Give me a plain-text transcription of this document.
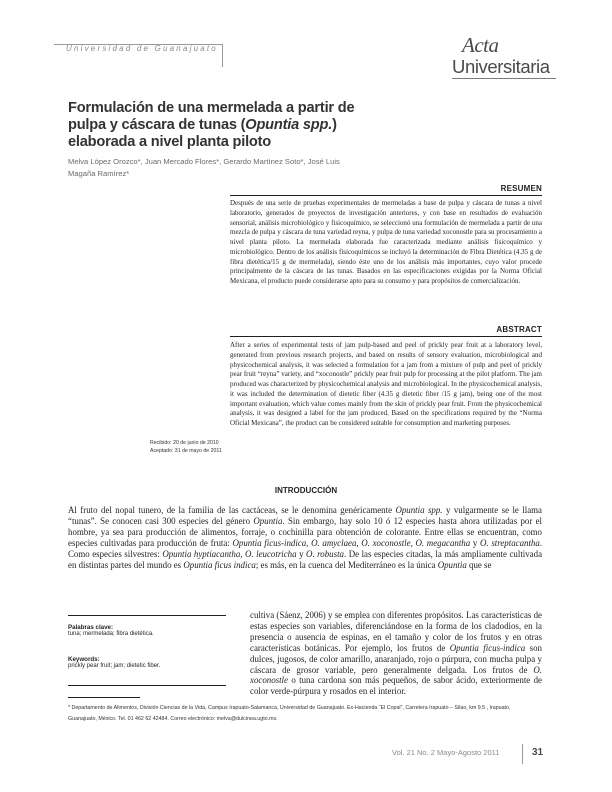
Universidad de Guanajuato	Acta
Universitaria
Formulación de una mermelada a partir de
pulpa y cáscara de tunas (Opuntia spp.)
elaborada a nivel planta piloto
Melva López Orozco*, Juan Mercado Flores*, Gerardo Martínez Soto*, José Luis
Magaña Ramírez*
RESUMEN
Después de una serie de pruebas experimentales de mermeladas a base de pulpa y cáscara de tunas a nivel laboratorio, generados de proyectos de investigación anteriores, y con base en resultados de evaluación sensorial, análisis microbiológico y fisicoquímico, se seleccionó una formulación de mermelada a partir de una mezcla de pulpa y cáscara de tuna variedad reyna, y pulpa de tuna variedad xoconostle para su procesamiento a nivel planta piloto. La mermelada elaborada fue caracterizada mediante análisis fisicoquímico y microbiológico. Dentro de los análisis fisicoquímicos se incluyó la determinación de Fibra Dietética (4.35 g de fibra dietética/15 g de mermelada), siendo éste uno de los análisis más importantes, cuyo valor procede principalmente de la cáscara de las tunas. Basados en las especificaciones exigidas por la Norma Oficial Mexicana, el producto puede considerarse apto para su consumo y para propósitos de comercialización.
ABSTRACT
After a series of experimental tests of jam pulp-based and peel of prickly pear fruit at a laboratory level, generated from previous research projects, and based on results of sensory evaluation, microbiological and physicochemical analysis, it was selected a formulation for a jam from a mixture of pulp and peel of prickly pear fruit “reyna” variety, and “xoconostle” prickly pear fruit pulp for processing at the pilot platform. The jam produced was characterized by physicochemical analysis and microbiological. In the physicochemical analysis, it was included the determination of dietetic fiber (4.35 g dietetic fiber /15 g jam), being one of the most important evaluation, which value comes mainly from the skin of prickly pear fruit. From the physicochemical analysis, it was designed a label for the jam produced. Based on the specifications required by the “Norma Oficial Mexicana”, the product can be considered suitable for consumption and marketing purposes.
Recibido: 20 de junio de 2010
Aceptado: 31 de mayo de 2011
INTRODUCCIÓN
Al fruto del nopal tunero, de la familia de las cactáceas, se le denomina genéricamente Opuntia spp. y vulgarmente se le llama “tunas”. Se conocen casi 300 especies del género Opuntia. Sin embargo, hay solo 10 ó 12 especies hasta ahora utilizadas por el hombre, ya sea para producción de alimentos, forraje, o cochinilla para obtención de colorante. Entre ellas se encuentran, como especies cultivadas para producción de fruta: Opuntia ficus-indica, O. amyclaea, O. xoconostle, O. megacantha y O. streptacantha. Como especies silvestres: Opuntia hyptiacantha, O. leucotricha y O. robusta. De las especies citadas, la más ampliamente cultivada en distintas partes del mundo es Opuntia ficus indica; es más, en la cuenca del Mediterráneo es la única Opuntia que se
cultiva (Sáenz, 2006) y se emplea con diferentes propósitos. Las características de estas especies son variables, diferenciándose en la forma de los cladodios, en la presencia o ausencia de espinas, en el tamaño y color de los frutos y en otras características botánicas. Por ejemplo, los frutos de Opuntia ficus-indica son dulces, jugosos, de color amarillo, anaranjado, rojo o púrpura, con mucha pulpa y cáscara de grosor variable, pero generalmente delgada. Los frutos de O. xoconostle o tuna cardona son más pequeños, de sabor ácido, exteriormente de color verde-púrpura y rosados en el interior.
Palabras clave:
tuna; mermelada; fibra dietética.
Keywords:
prickly pear fruit; jam; dietetic fiber.
* Departamento de Alimentos, División Ciencias de la Vida, Campus Irapuato-Salamanca, Universidad de Guanajuato. Ex-Hacienda “El Copal”, Carretera Irapuato – Silao, km 9.5 , Irapuato,
Guanajuato, México. Tel. 01 462 62 42484. Correo electrónico: melva@dulcinea.ugto.mx.
Vol. 21 No. 2 Mayo-Agosto 2011	31
